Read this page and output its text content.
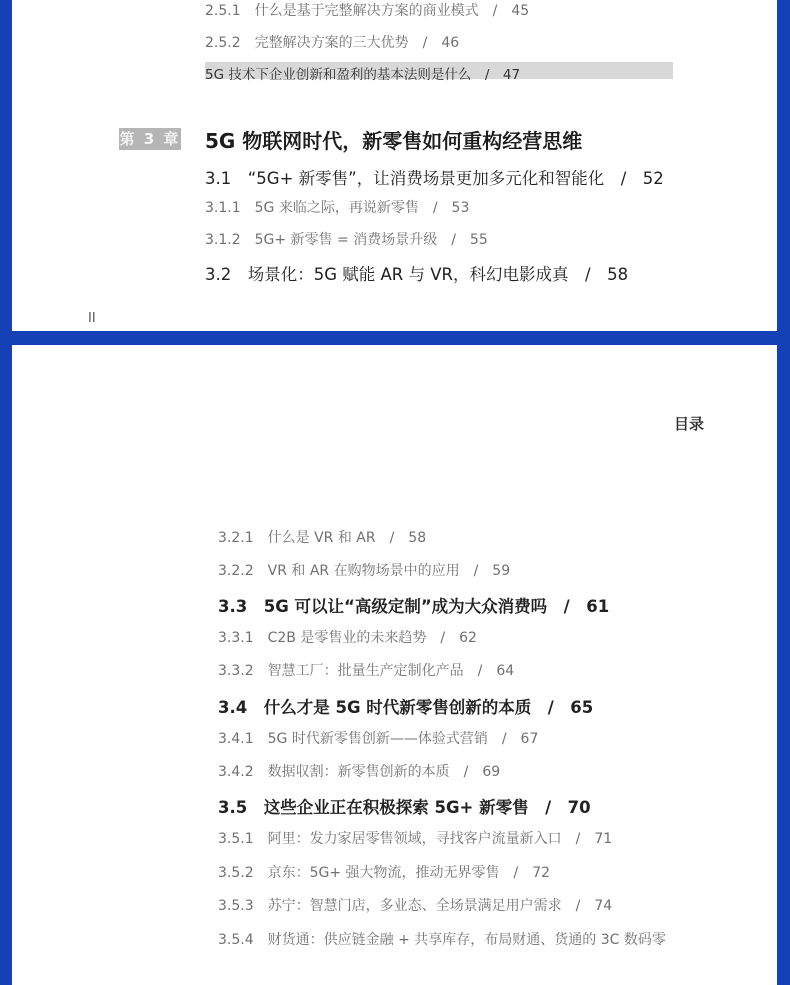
2.5.1　什么是基于完整解决方案的商业模式　/　45
2.5.2　完整解决方案的三大优势　/　46
5G 技术下企业创新和盈利的基本法则是什么　/　47
第 3 章 5G 物联网时代，新零售如何重构经营思维
3.1　“5G+ 新零售”，让消费场景更加多元化和智能化　/　52
3.1.1　5G 来临之际，再说新零售　/　53
3.1.2　5G+ 新零售 = 消费场景升级　/　55
3.2　场景化：5G 赋能 AR 与 VR，科幻电影成真　/　58
II
目录
3.2.1　什么是 VR 和 AR　/　58
3.2.2　VR 和 AR 在购物场景中的应用　/　59
3.3　5G 可以让“高级定制”成为大众消费吗　/　61
3.3.1　C2B 是零售业的未来趋势　/　62
3.3.2　智慧工厂：批量生产定制化产品　/　64
3.4　什么才是 5G 时代新零售创新的本质　/　65
3.4.1　5G 时代新零售创新——体验式营销　/　67
3.4.2　数据収割：新零售创新的本质　/　69
3.5　这些企业正在积极探索 5G+ 新零售　/　70
3.5.1　阿里：发力家居零售领域，寻找客户流量新入口　/　71
3.5.2　京东：5G+ 强大物流，推动无界零售　/　72
3.5.3　苏宁：智慧门店，多业态、全场景满足用户需求　/　74
3.5.4　财货通：供应链金融 + 共享库存，布局财通、货通的 3C 数码零
